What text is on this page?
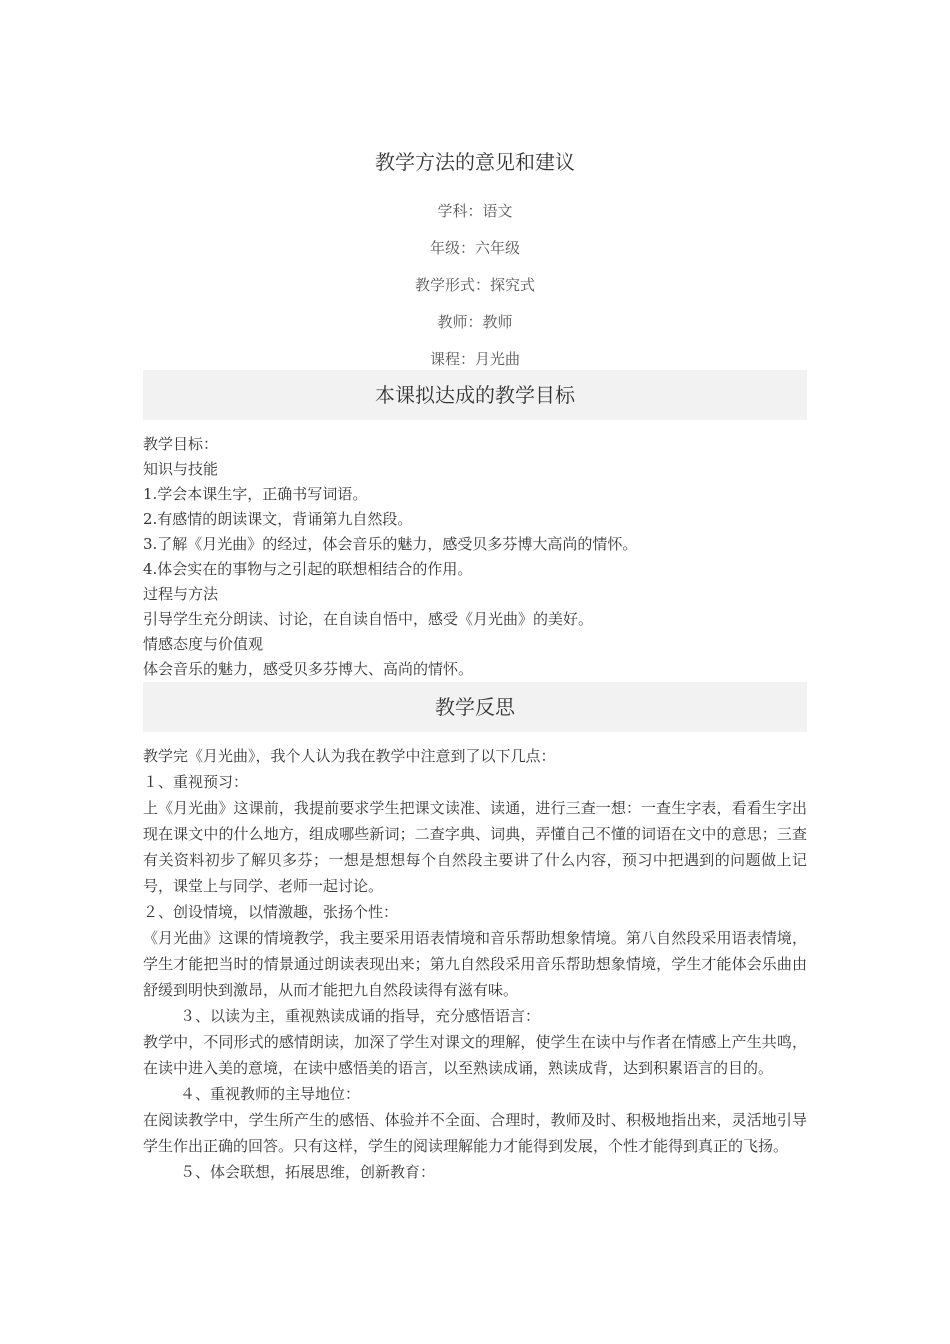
教学方法的意见和建议
学科：语文
年级：六年级
教学形式：探究式
教师：教师
课程：月光曲
本课拟达成的教学目标
教学目标：
知识与技能
1.学会本课生字，正确书写词语。
2.有感情的朗读课文，背诵第九自然段。
3.了解《月光曲》的经过，体会音乐的魅力，感受贝多芬博大高尚的情怀。
4.体会实在的事物与之引起的联想相结合的作用。
过程与方法
引导学生充分朗读、讨论，在自读自悟中，感受《月光曲》的美好。
情感态度与价值观
体会音乐的魅力，感受贝多芬博大、高尚的情怀。
教学反思

教学完《月光曲》，我个人认为我在教学中注意到了以下几点：

１、重视预习：

上《月光曲》这课前，我提前要求学生把课文读准、读通，进行三查一想：一查生字表，看看生字出现在课文中的什么地方，组成哪些新词；二查字典、词典，弄懂自己不懂的词语在文中的意思；三查有关资料初步了解贝多芬；一想是想想每个自然段主要讲了什么内容，预习中把遇到的问题做上记号，课堂上与同学、老师一起讨论。

２、创设情境，以情激趣，张扬个性：

《月光曲》这课的情境教学，我主要采用语表情境和音乐帮助想象情境。第八自然段采用语表情境，学生才能把当时的情景通过朗读表现出来；第九自然段采用音乐帮助想象情境，学生才能体会乐曲由舒缓到明快到激昂，从而才能把九自然段读得有滋有味。

３、以读为主，重视熟读成诵的指导，充分感悟语言：

教学中，不同形式的感情朗读，加深了学生对课文的理解，使学生在读中与作者在情感上产生共鸣，在读中进入美的意境，在读中感悟美的语言，以至熟读成诵，熟读成背，达到积累语言的目的。

４、重视教师的主导地位：

在阅读教学中，学生所产生的感悟、体验并不全面、合理时，教师及时、积极地指出来，灵活地引导学生作出正确的回答。只有这样，学生的阅读理解能力才能得到发展，个性才能得到真正的飞扬。

５、体会联想，拓展思维，创新教育：
